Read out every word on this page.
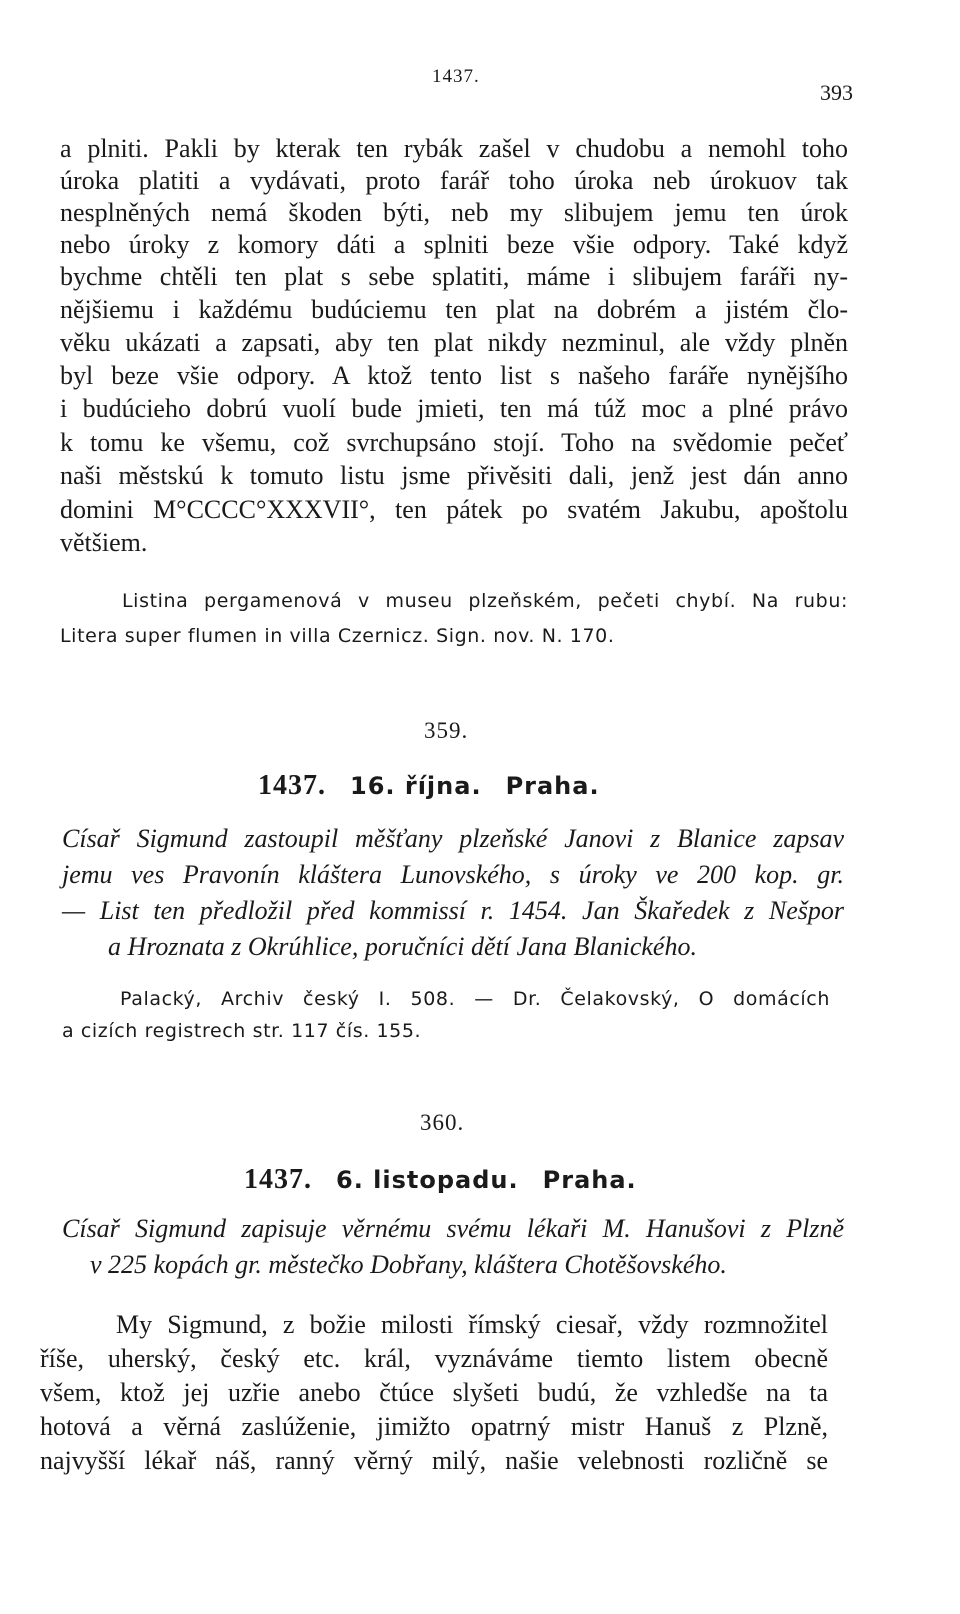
1437.
393

a plniti. Pakli by kterak ten rybák zašel v chudobu a nemohl toho

úroka platiti a vydávati, proto farář toho úroka neb úrokuov tak

nesplněných nemá škoden býti, neb my slibujem jemu ten úrok

nebo úroky z komory dáti a splniti beze všie odpory. Také když

bychme chtěli ten plat s sebe splatiti, máme i slibujem faráři ny-

nějšiemu i každému budúciemu ten plat na dobrém a jistém člo-

věku ukázati a zapsati, aby ten plat nikdy nezminul, ale vždy plněn

byl beze všie odpory. A ktož tento list s našeho faráře nynějšího

i budúcieho dobrú vuolí bude jmieti, ten má túž moc a plné právo

k tomu ke všemu, což svrchupsáno stojí. Toho na svědomie pečeť

naši městskú k tomuto listu jsme přivěsiti dali, jenž jest dán anno

domini M°CCCC°XXXVII°, ten pátek po svatém Jakubu, apoštolu

většiem.

Listina pergamenová v museu plzeňském, pečeti chybí. Na rubu:

Litera super flumen in villa Czernicz. Sign. nov. N. 170.

359.
1437. 16. října. Praha.

Císař Sigmund zastoupil měšťany plzeňské Janovi z Blanice zapsav

jemu ves Pravonín kláštera Lunovského, s úroky ve 200 kop. gr.

— List ten předložil před kommissí r. 1454. Jan Škaředek z Nešpor

a Hroznata z Okrúhlice, poručníci dětí Jana Blanického.

Palacký, Archiv český I. 508. — Dr. Čelakovský, O domácích

a cizích registrech str. 117 čís. 155.

360.
1437. 6. listopadu. Praha.

Císař Sigmund zapisuje věrnému svému lékaři M. Hanušovi z Plzně

v 225 kopách gr. městečko Dobřany, kláštera Chotěšovského.

My Sigmund, z božie milosti římský ciesař, vždy rozmnožitel

říše, uherský, český etc. král, vyznáváme tiemto listem obecně

všem, ktož jej uzřie anebo čtúce slyšeti budú, že vzhledše na ta

hotová a věrná zaslúženie, jimižto opatrný mistr Hanuš z Plzně,

najvyšší lékař náš, ranný věrný milý, našie velebnosti rozličně se
